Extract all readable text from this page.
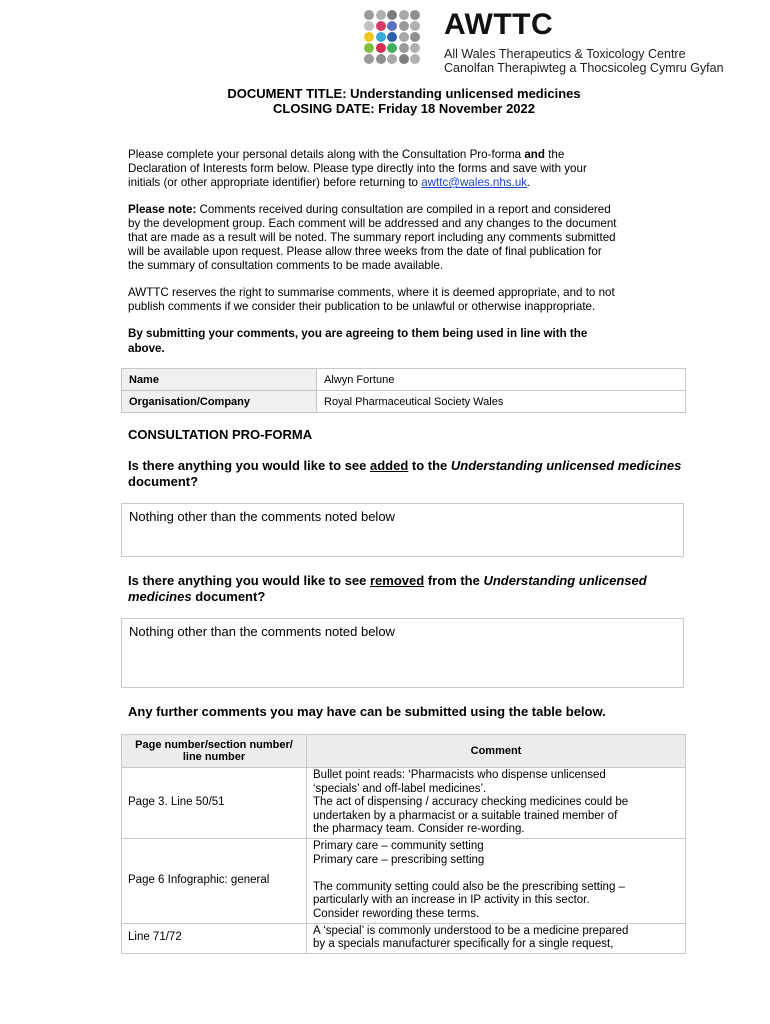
AWTTC
All Wales Therapeutics & Toxicology Centre
Canolfan Therapiwteg a Thocsicoleg Cymru Gyfan
DOCUMENT TITLE: Understanding unlicensed medicines
CLOSING DATE: Friday 18 November 2022
Please complete your personal details along with the Consultation Pro-forma and the
Declaration of Interests form below. Please type directly into the forms and save with your
initials (or other appropriate identifier) before returning to awttc@wales.nhs.uk.
Please note: Comments received during consultation are compiled in a report and considered
by the development group. Each comment will be addressed and any changes to the document
that are made as a result will be noted. The summary report including any comments submitted
will be available upon request. Please allow three weeks from the date of final publication for
the summary of consultation comments to be made available.
AWTTC reserves the right to summarise comments, where it is deemed appropriate, and to not
publish comments if we consider their publication to be unlawful or otherwise inappropriate.
By submitting your comments, you are agreeing to them being used in line with the
above.
Name	Alwyn Fortune
Organisation/Company	Royal Pharmaceutical Society Wales
CONSULTATION PRO-FORMA
Is there anything you would like to see added to the Understanding unlicensed medicines document?
Nothing other than the comments noted below
Is there anything you would like to see removed from the Understanding unlicensed medicines document?
Nothing other than the comments noted below
Any further comments you may have can be submitted using the table below.
Page number/section number/
line number	Comment
Page 3. Line 50/51	Bullet point reads: ‘Pharmacists who dispense unlicensed
‘specials’ and off-label medicines’.
The act of dispensing / accuracy checking medicines could be
undertaken by a pharmacist or a suitable trained member of
the pharmacy team. Consider re-wording.

Page 6 Infographic: general	Primary care – community setting
Primary care – prescribing setting
The community setting could also be the prescribing setting –
particularly with an increase in IP activity in this sector.
Consider rewording these terms.

Line 71/72	A ‘special’ is commonly understood to be a medicine prepared
by a specials manufacturer specifically for a single request,
